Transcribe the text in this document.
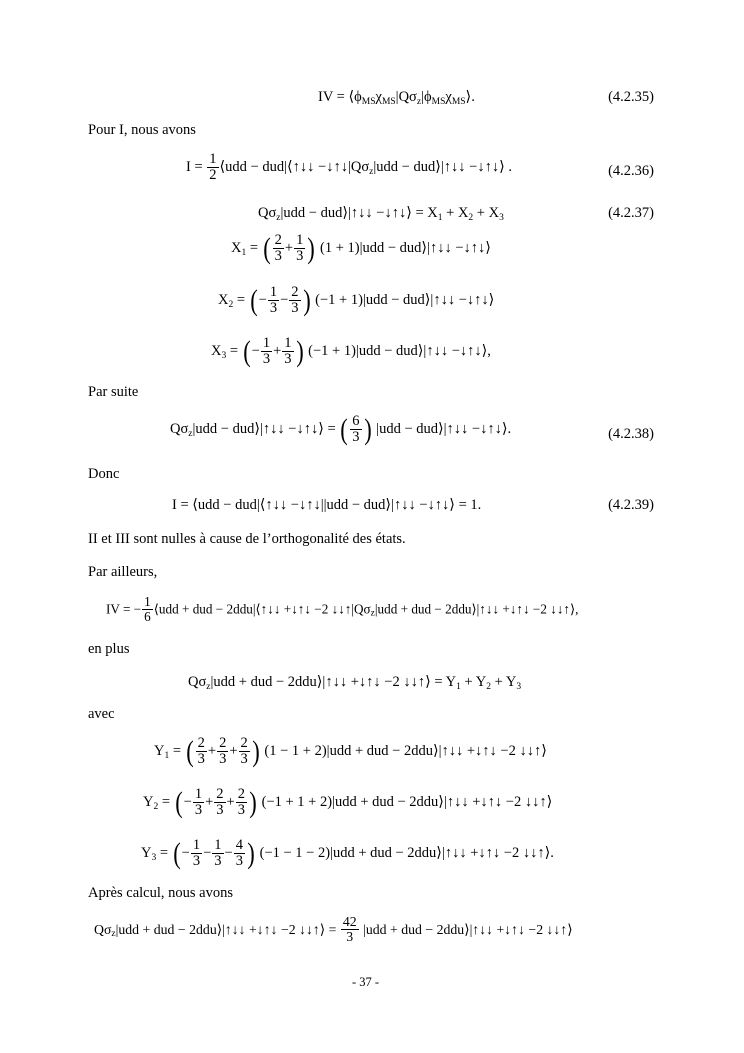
IV = $⟨\phi_{MS}\chi_{MS}|Q\sigma_z|\phi_{MS}\chi_{MS}⟩$.	(4.2.35)
Pour I, nous avons
$I = \frac{1}{2}$ ⟨udd − dud|⟨↑↓↓ $-↓↑↓|Q\sigma_z|udd$ − dud⟩|↑↓↓ −↓↑↓⟩ .	(4.2.36)
$Q\sigma_z|udd$ − dud⟩|↑↓↓ −↓↑↓⟩ = $X_1 + X_2 + X_3$	(4.2.37)
$X_1$ = ( $\frac{2}{3} + \frac{1}{3}$ ) (1 + 1)|udd − dud⟩|↑↓↓ −↓↑↓⟩
$X_2$ = (− $\frac{1}{3} - \frac{2}{3}$ ) (−1 + 1)|udd − dud⟩|↑↓↓ −↓↑↓⟩
$X_3$ = (− $\frac{1}{3} + \frac{1}{3}$ ) (−1 + 1)|udd − dud⟩|↑↓↓ −↓↑↓⟩,
Par suite
$Q\sigma_z|udd$ − dud⟩|↑↓↓ −↓↑↓⟩ = ( $\frac{6}{3}$ ) |udd − dud⟩|↑↓↓ −↓↑↓⟩.	(4.2.38)
Donc
I = ⟨udd − dud|⟨↑↓↓ −↓↑↓||udd − dud⟩|↑↓↓ −↓↑↓⟩ = 1.	(4.2.39)
II et III sont nulles à cause de l’orthogonalité des états.
Par ailleurs,
IV = − $\frac{1}{6}$ ⟨udd + dud − 2ddu|⟨↑↓↓ +↓↑↓ −2 $↓↓↑|Q\sigma_z|udd$ + dud − 2ddu⟩|↑↓↓ +↓↑↓ −2 ↓↓↑⟩,
en plus
$Q\sigma_z|udd$ + dud − 2ddu⟩|↑↓↓ +↓↑↓ −2 ↓↓↑⟩ = $Y_1 + Y_2 + Y_3$
avec
$Y_1$ = ( $\frac{2}{3} + \frac{2}{3} + \frac{2}{3}$ ) (1 − 1 + 2)|udd + dud − 2ddu⟩|↑↓↓ +↓↑↓ −2 ↓↓↑⟩
$Y_2$ = (− $\frac{1}{3} + \frac{2}{3} + \frac{2}{3}$ ) (−1 + 1 + 2)|udd + dud − 2ddu⟩|↑↓↓ +↓↑↓ −2 ↓↓↑⟩
$Y_3$ = (− $\frac{1}{3} - \frac{1}{3} - \frac{4}{3}$ ) (−1 − 1 − 2)|udd + dud − 2ddu⟩|↑↓↓ +↓↑↓ −2 ↓↓↑⟩.
Après calcul, nous avons
$Q\sigma_z|udd$ + dud − 2ddu⟩|↑↓↓ +↓↑↓ −2 ↓↓↑⟩ = $\frac{42}{3} |udd$ + dud − 2ddu⟩|↑↓↓ +↓↑↓ −2 ↓↓↑⟩
- 37 -
